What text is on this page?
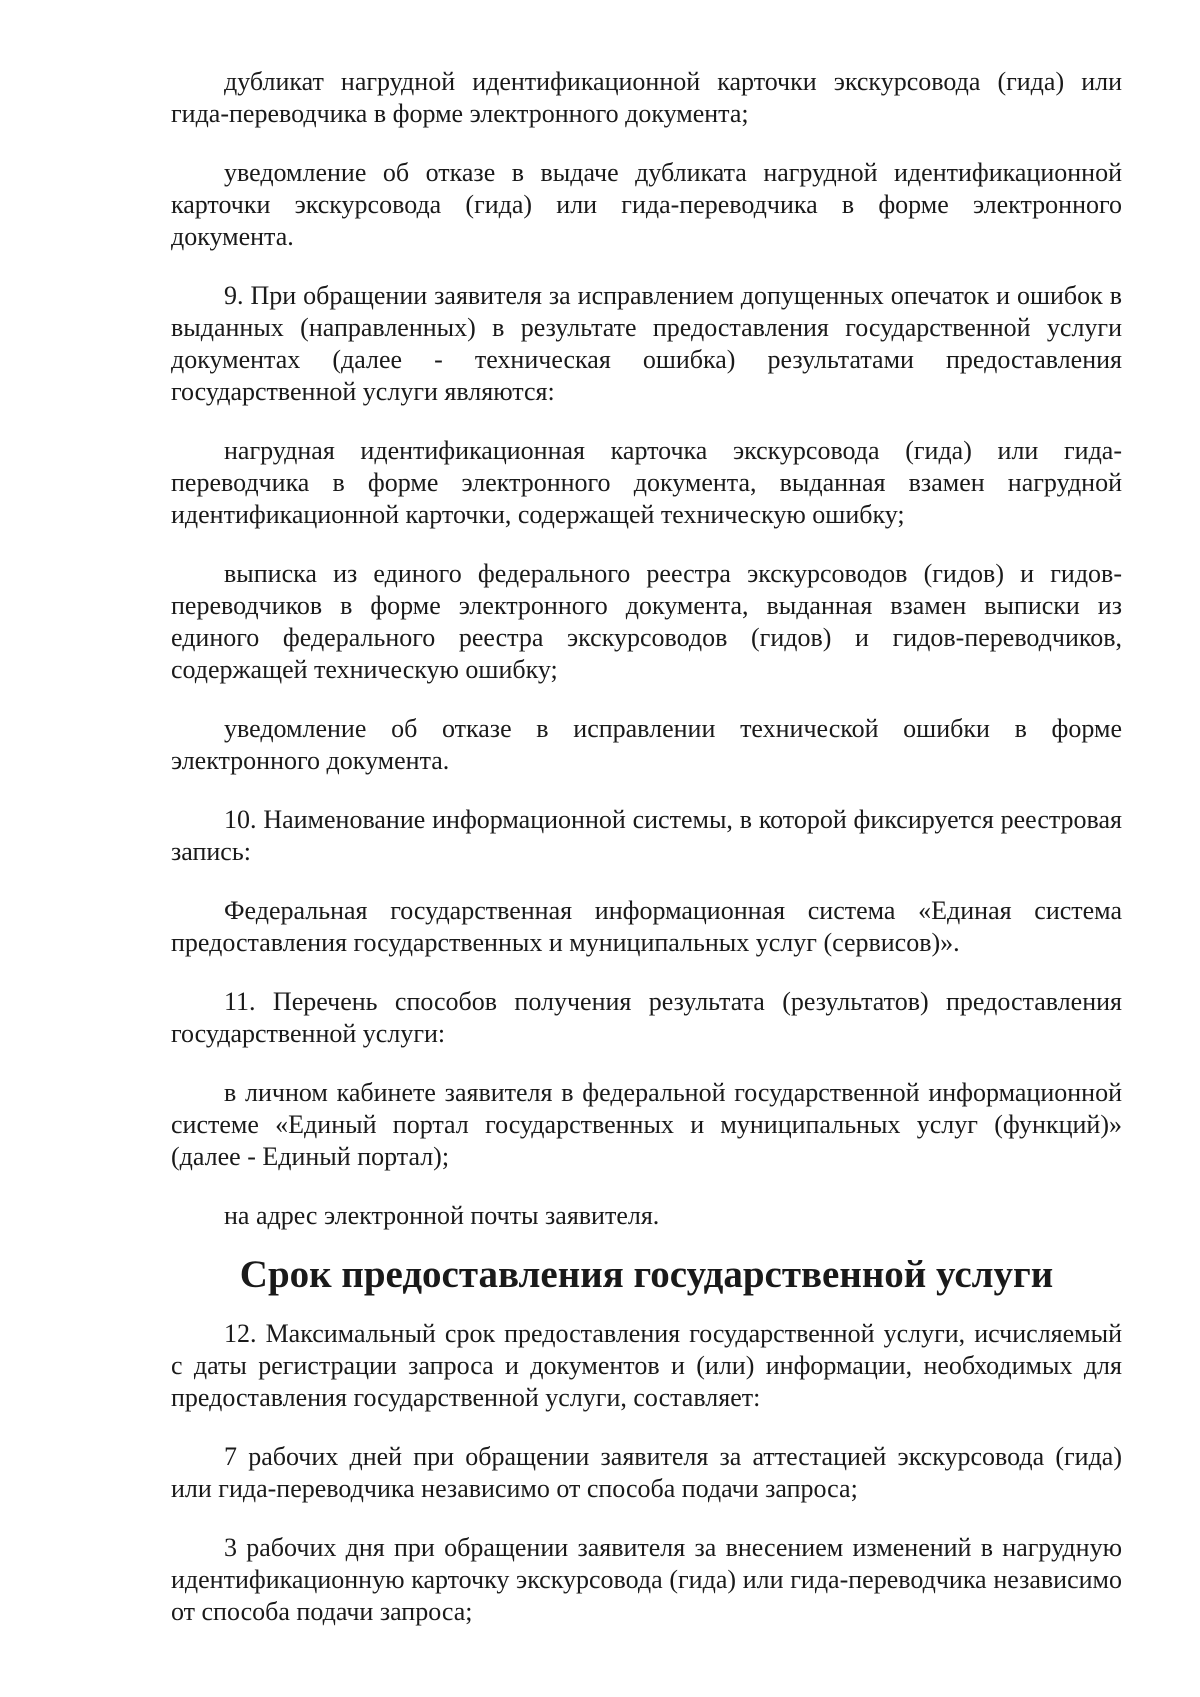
дубликат нагрудной идентификационной карточки экскурсовода (гида) или гида-переводчика в форме электронного документа;

уведомление об отказе в выдаче дубликата нагрудной идентификационной карточки экскурсовода (гида) или гида-переводчика в форме электронного документа.

9. При обращении заявителя за исправлением допущенных опечаток и ошибок в выданных (направленных) в результате предоставления государственной услуги документах (далее - техническая ошибка) результатами предоставления государственной услуги являются:

нагрудная идентификационная карточка экскурсовода (гида) или гида-переводчика в форме электронного документа, выданная взамен нагрудной идентификационной карточки, содержащей техническую ошибку;

выписка из единого федерального реестра экскурсоводов (гидов) и гидов-переводчиков в форме электронного документа, выданная взамен выписки из единого федерального реестра экскурсоводов (гидов) и гидов-переводчиков, содержащей техническую ошибку;

уведомление об отказе в исправлении технической ошибки в форме электронного документа.

10. Наименование информационной системы, в которой фиксируется реестровая запись:

Федеральная государственная информационная система «Единая система предоставления государственных и муниципальных услуг (сервисов)».

11. Перечень способов получения результата (результатов) предоставления государственной услуги:

в личном кабинете заявителя в федеральной государственной информационной системе «Единый портал государственных и муниципальных услуг (функций)» (далее - Единый портал);

на адрес электронной почты заявителя.

Срок предоставления государственной услуги

12. Максимальный срок предоставления государственной услуги, исчисляемый с даты регистрации запроса и документов и (или) информации, необходимых для предоставления государственной услуги, составляет:

7 рабочих дней при обращении заявителя за аттестацией экскурсовода (гида) или гида-переводчика независимо от способа подачи запроса;

3 рабочих дня при обращении заявителя за внесением изменений в нагрудную идентификационную карточку экскурсовода (гида) или гида-переводчика независимо от способа подачи запроса;
